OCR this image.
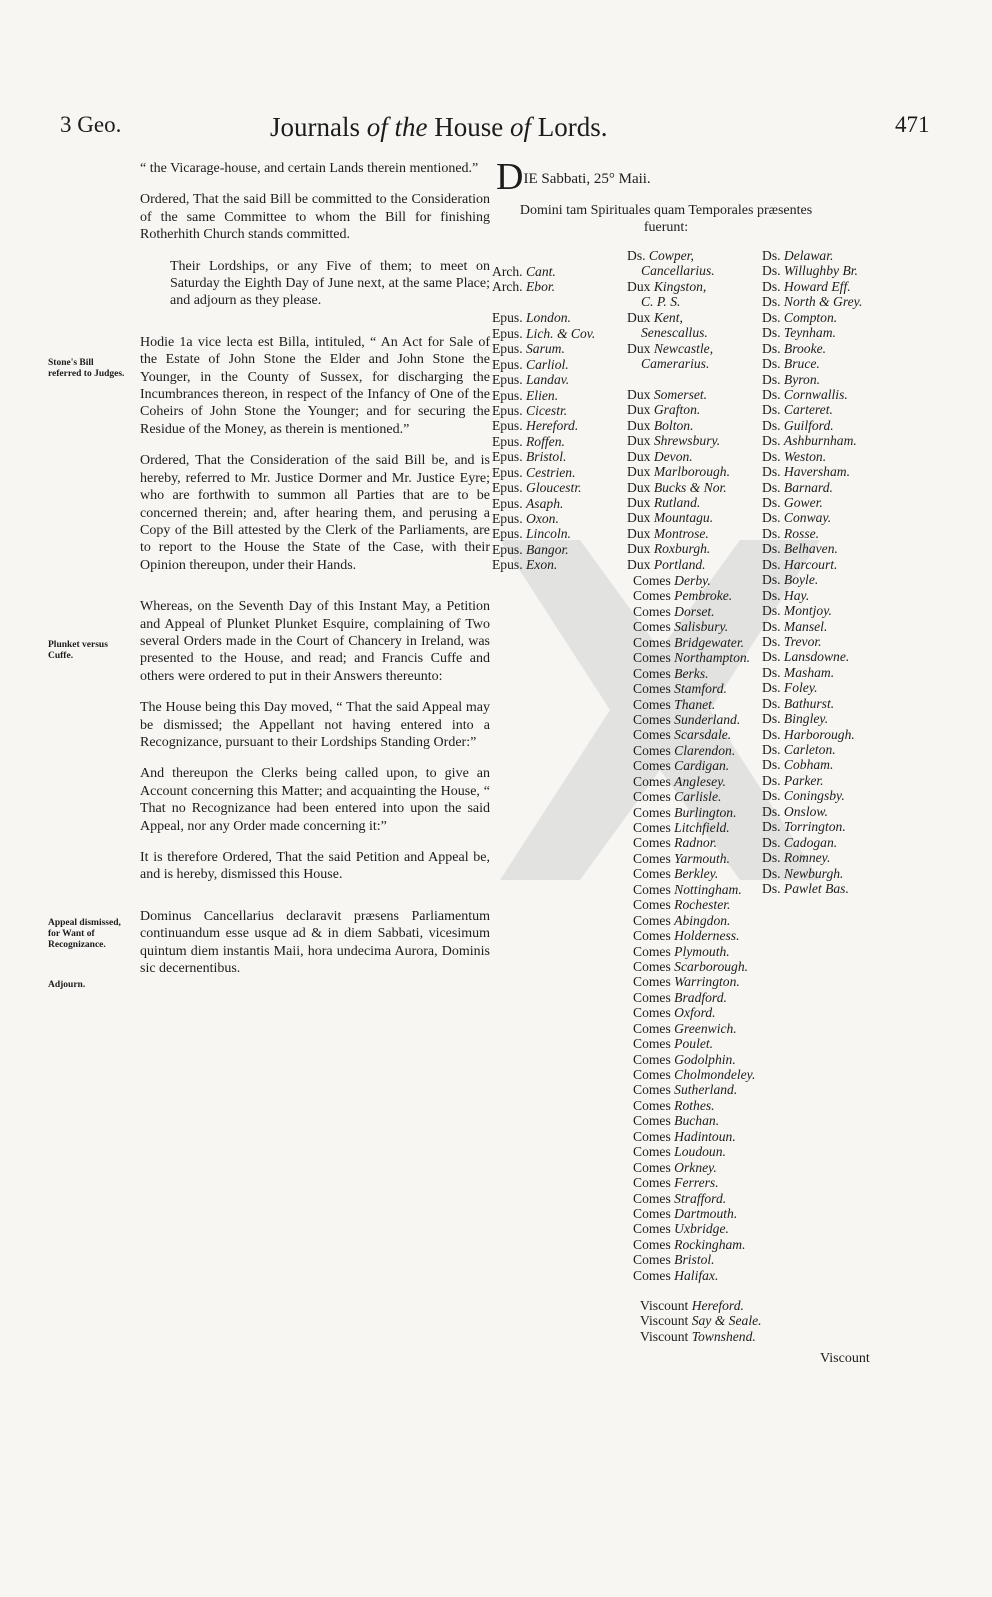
3 Geo.	Journals of the House of Lords.	471

“ the Vicarage-house, and certain Lands therein mentioned.”

Ordered, That the said Bill be committed to the Consideration of the same Committee to whom the Bill for finishing Rotherhith Church stands committed.

Their Lordships, or any Five of them; to meet on Saturday the Eighth Day of June next, at the same Place; and adjourn as they please.

Hodie 1a vice lecta est Billa, intituled, “ An Act for Sale of the Estate of John Stone the Elder and John Stone the Younger, in the County of Sussex, for discharging the Incumbrances thereon, in respect of the Infancy of One of the Coheirs of John Stone the Younger; and for securing the Residue of the Money, as therein is mentioned.”

Ordered, That the Consideration of the said Bill be, and is hereby, referred to Mr. Justice Dormer and Mr. Justice Eyre; who are forthwith to summon all Parties that are to be concerned therein; and, after hearing them, and perusing a Copy of the Bill attested by the Clerk of the Parliaments, are to report to the House the State of the Case, with their Opinion thereupon, under their Hands.

Whereas, on the Seventh Day of this Instant May, a Petition and Appeal of Plunket Plunket Esquire, complaining of Two several Orders made in the Court of Chancery in Ireland, was presented to the House, and read; and Francis Cuffe and others were ordered to put in their Answers thereunto:

The House being this Day moved, “ That the said Appeal may be dismissed; the Appellant not having entered into a Recognizance, pursuant to their Lordships Standing Order:”

And thereupon the Clerks being called upon, to give an Account concerning this Matter; and acquainting the House, “ That no Recognizance had been entered into upon the said Appeal, nor any Order made concerning it:”

It is therefore Ordered, That the said Petition and Appeal be, and is hereby, dismissed this House.

Dominus Cancellarius declaravit præsens Parliamentum continuandum esse usque ad & in diem Sabbati, vicesimum quintum diem instantis Maii, hora undecima Aurora, Dominis sic decernentibus.

Stone's Bill referred to Judges.
Plunket versus Cuffe.
Appeal dismissed, for Want of Recognizance.
Adjourn.
DIE Sabbati, 25° Maii.
Domini tam Spirituales quam Temporales præsentes fuerunt:
Arch. Cant.
Arch. Ebor.
Epus. London.
Epus. Lich. & Cov.
Epus. Sarum.
Epus. Carliol.
Epus. Landav.
Epus. Elien.
Epus. Cicestr.
Epus. Hereford.
Epus. Roffen.
Epus. Bristol.
Epus. Cestrien.
Epus. Gloucestr.
Epus. Asaph.
Epus. Oxon.
Epus. Lincoln.
Epus. Bangor.
Epus. Exon.
Ds. Cowper,
Cancellarius.
Dux Kingston,
C. P. S.
Dux Kent,
Senescallus.
Dux Newcastle,
Camerarius.
Dux Somerset.
Dux Grafton.
Dux Bolton.
Dux Shrewsbury.
Dux Devon.
Dux Marlborough.
Dux Bucks & Nor.
Dux Rutland.
Dux Mountagu.
Dux Montrose.
Dux Roxburgh.
Dux Portland.
Comes Derby.
Comes Pembroke.
Comes Dorset.
Comes Salisbury.
Comes Bridgewater.
Comes Northampton.
Comes Berks.
Comes Stamford.
Comes Thanet.
Comes Sunderland.
Comes Scarsdale.
Comes Clarendon.
Comes Cardigan.
Comes Anglesey.
Comes Carlisle.
Comes Burlington.
Comes Litchfield.
Comes Radnor.
Comes Yarmouth.
Comes Berkley.
Comes Nottingham.
Comes Rochester.
Comes Abingdon.
Comes Holderness.
Comes Plymouth.
Comes Scarborough.
Comes Warrington.
Comes Bradford.
Comes Oxford.
Comes Greenwich.
Comes Poulet.
Comes Godolphin.
Comes Cholmondeley.
Comes Sutherland.
Comes Rothes.
Comes Buchan.
Comes Hadintoun.
Comes Loudoun.
Comes Orkney.
Comes Ferrers.
Comes Strafford.
Comes Dartmouth.
Comes Uxbridge.
Comes Rockingham.
Comes Bristol.
Comes Halifax.
Viscount Hereford.
Viscount Say & Seale.
Viscount Townshend.
Ds. Delawar.
Ds. Willughby Br.
Ds. Howard Eff.
Ds. North & Grey.
Ds. Compton.
Ds. Teynham.
Ds. Brooke.
Ds. Bruce.
Ds. Byron.
Ds. Cornwallis.
Ds. Carteret.
Ds. Guilford.
Ds. Ashburnham.
Ds. Weston.
Ds. Haversham.
Ds. Barnard.
Ds. Gower.
Ds. Conway.
Ds. Rosse.
Ds. Belhaven.
Ds. Harcourt.
Ds. Boyle.
Ds. Hay.
Ds. Montjoy.
Ds. Mansel.
Ds. Trevor.
Ds. Lansdowne.
Ds. Masham.
Ds. Foley.
Ds. Bathurst.
Ds. Bingley.
Ds. Harborough.
Ds. Carleton.
Ds. Cobham.
Ds. Parker.
Ds. Coningsby.
Ds. Onslow.
Ds. Torrington.
Ds. Cadogan.
Ds. Romney.
Ds. Newburgh.
Ds. Pawlet Bas.
Viscount
